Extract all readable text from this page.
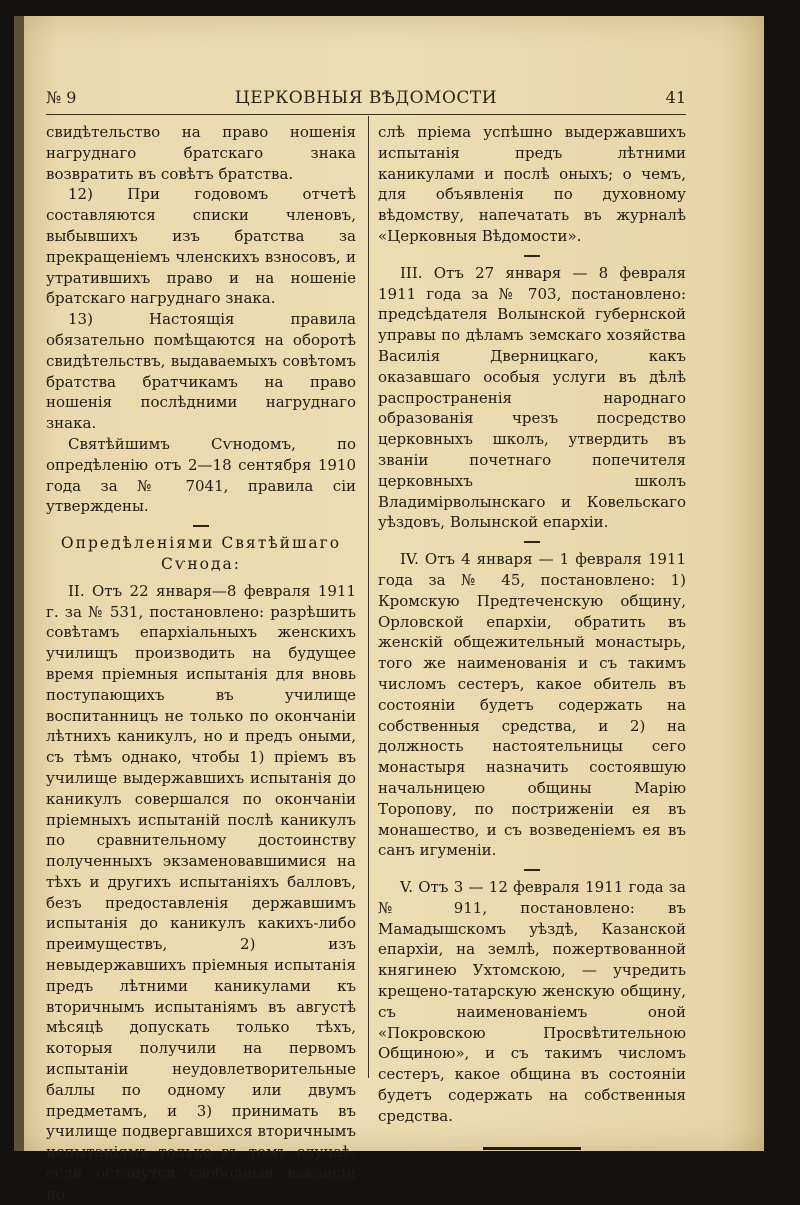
№ 9	ЦЕРКОВНЫЯ ВѢДОМОСТИ	41

свидѣтельство на право ношенія нагруднаго братскаго знака возвратить въ совѣтъ братства.

12) При годовомъ отчетѣ составляются списки членовъ, выбывшихъ изъ братства за прекращеніемъ членскихъ взносовъ, и утратившихъ право и на ношеніе братскаго нагруднаго знака.

13) Настоящія правила обязательно помѣщаются на оборотѣ свидѣтельствъ, выдаваемыхъ совѣтомъ братства братчикамъ на право ношенія послѣдними нагруднаго знака.

Святѣйшимъ Сѵнодомъ, по опредѣленію отъ 2—18 сентября 1910 года за № 7041, правила сіи утверждены.

Опредѣленіями Святѣйшаго Сѵнода:

II. Отъ 22 января—8 февраля 1911 г. за № 531, постановлено: разрѣшить совѣтамъ епархіальныхъ женскихъ училищъ производить на будущее время пріемныя испытанія для вновь поступающихъ въ училище воспитанницъ не только по окончаніи лѣтнихъ каникулъ, но и предъ оными, съ тѣмъ однако, чтобы 1) пріемъ въ училище выдержавшихъ испытанія до каникулъ совершался по окончаніи пріемныхъ испытаній послѣ каникулъ по сравнительному достоинству полученныхъ экзаменовавшимися на тѣхъ и другихъ испытаніяхъ балловъ, безъ предоставленія державшимъ испытанія до каникулъ какихъ-либо преимуществъ, 2) изъ невыдержавшихъ пріемныя испытанія предъ лѣтними каникулами къ вторичнымъ испытаніямъ въ августѣ мѣсяцѣ допускать только тѣхъ, которыя получили на первомъ испытаніи неудовлетворительные баллы по одному или двумъ предметамъ, и 3) принимать въ училище подвергавшихся вторичнымъ испытаніямъ только въ томъ случаѣ, если останутся свободныя вакансіи по-

слѣ пріема успѣшно выдержавшихъ испытанія предъ лѣтними каникулами и послѣ оныхъ; о чемъ, для объявленія по духовному вѣдомству, напечатать въ журналѣ «Церковныя Вѣдомости».

III. Отъ 27 января — 8 февраля 1911 года за № 703, постановлено: предсѣдателя Волынской губернской управы по дѣламъ земскаго хозяйства Василія Дверницкаго, какъ оказавшаго особыя услуги въ дѣлѣ распространенія народнаго образованія чрезъ посредство церковныхъ школъ, утвердить въ званіи почетнаго попечителя церковныхъ школъ Владимірволынскаго и Ковельскаго уѣздовъ, Волынской епархіи.

IV. Отъ 4 января — 1 февраля 1911 года за № 45, постановлено: 1) Кромскую Предтеченскую общину, Орловской епархіи, обратить въ женскій общежительный монастырь, того же наименованія и съ такимъ числомъ сестеръ, какое обитель въ состояніи будетъ содержать на собственныя средства, и 2) на должность настоятельницы сего монастыря назначить состоявшую начальницею общины Марію Торопову, по постриженіи ея въ монашество, и съ возведеніемъ ея въ санъ игуменіи.

V. Отъ 3 — 12 февраля 1911 года за № 911, постановлено: въ Мамадышскомъ уѣздѣ, Казанской епархіи, на землѣ, пожертвованной княгинею Ухтомскою, — учредить крещено-татарскую женскую общину, съ наименованіемъ оной «Покровскою Просвѣтительною Общиною», и съ такимъ числомъ сестеръ, какое община въ состояніи будетъ содержать на собственныя средства.
